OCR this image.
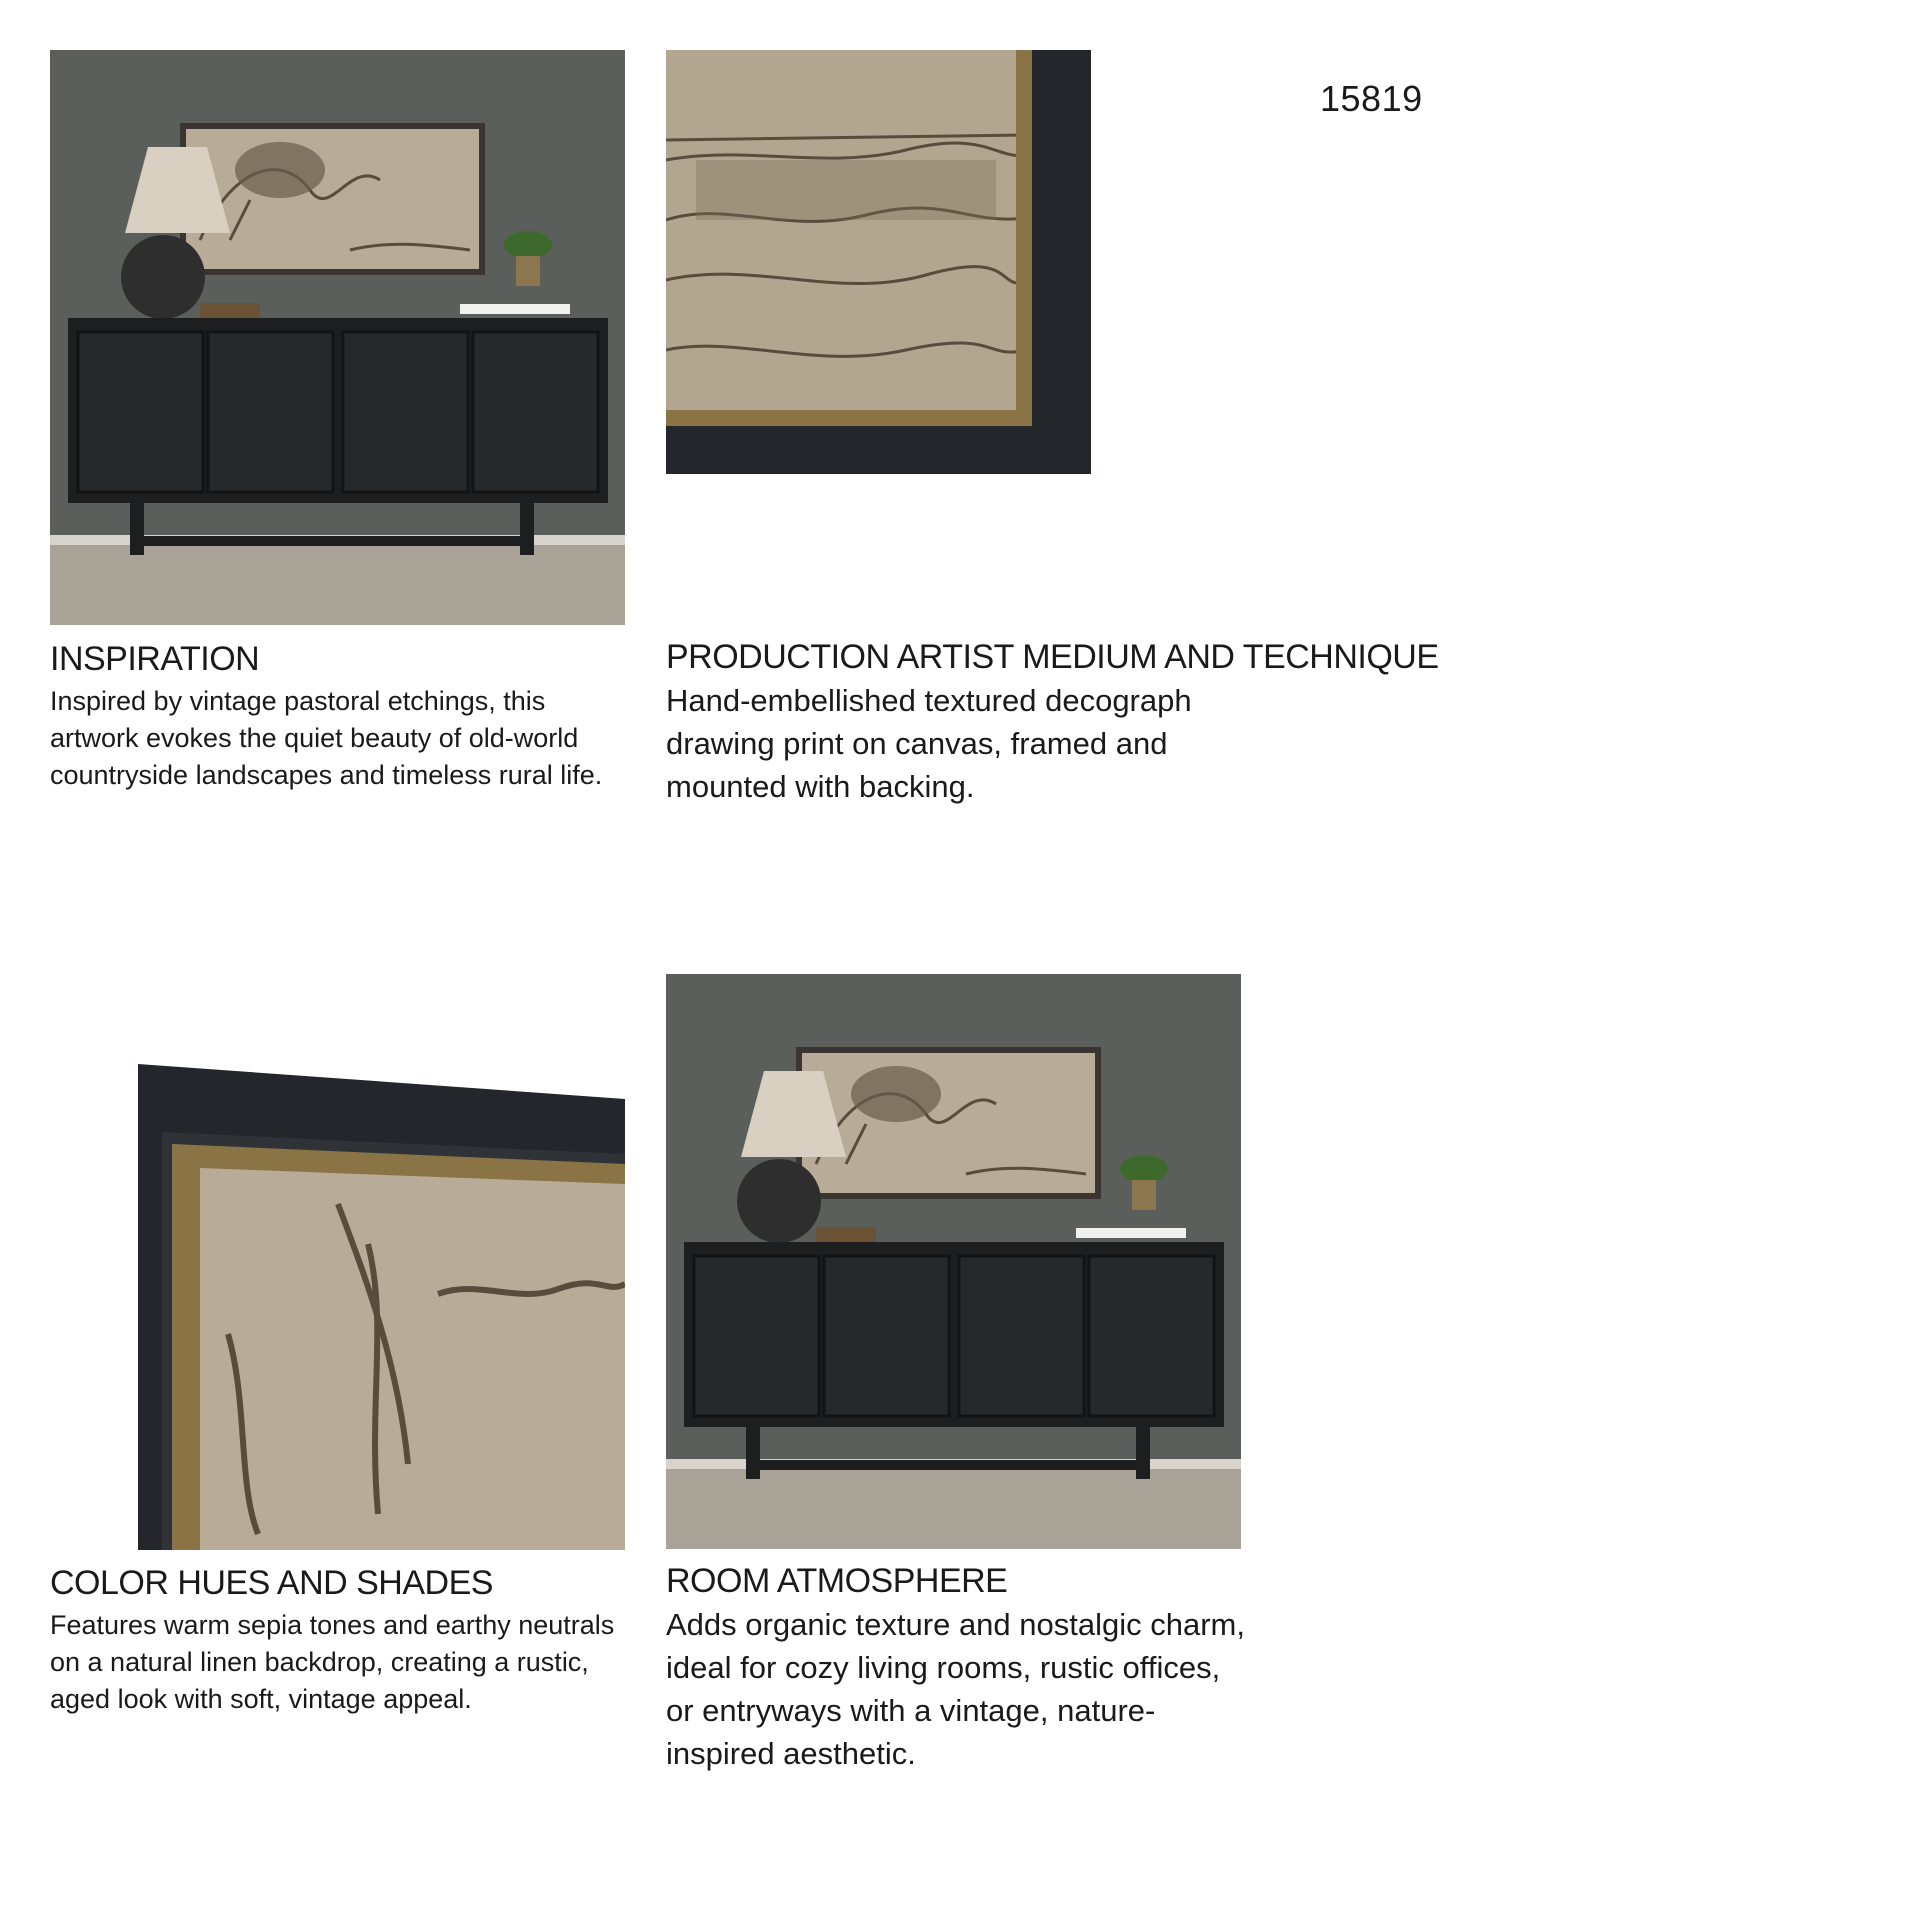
15819
INSPIRATION

Inspired by vintage pastoral etchings, this artwork evokes the quiet beauty of old-world countryside landscapes and timeless rural life.

PRODUCTION ARTIST MEDIUM AND TECHNIQUE

Hand-embellished textured decograph drawing print on canvas, framed and mounted with backing.

COLOR HUES AND SHADES

Features warm sepia tones and earthy neutrals on a natural linen backdrop, creating a rustic, aged look with soft, vintage appeal.

ROOM ATMOSPHERE

Adds organic texture and nostalgic charm, ideal for cozy living rooms, rustic offices, or entryways with a vintage, nature-inspired aesthetic.
